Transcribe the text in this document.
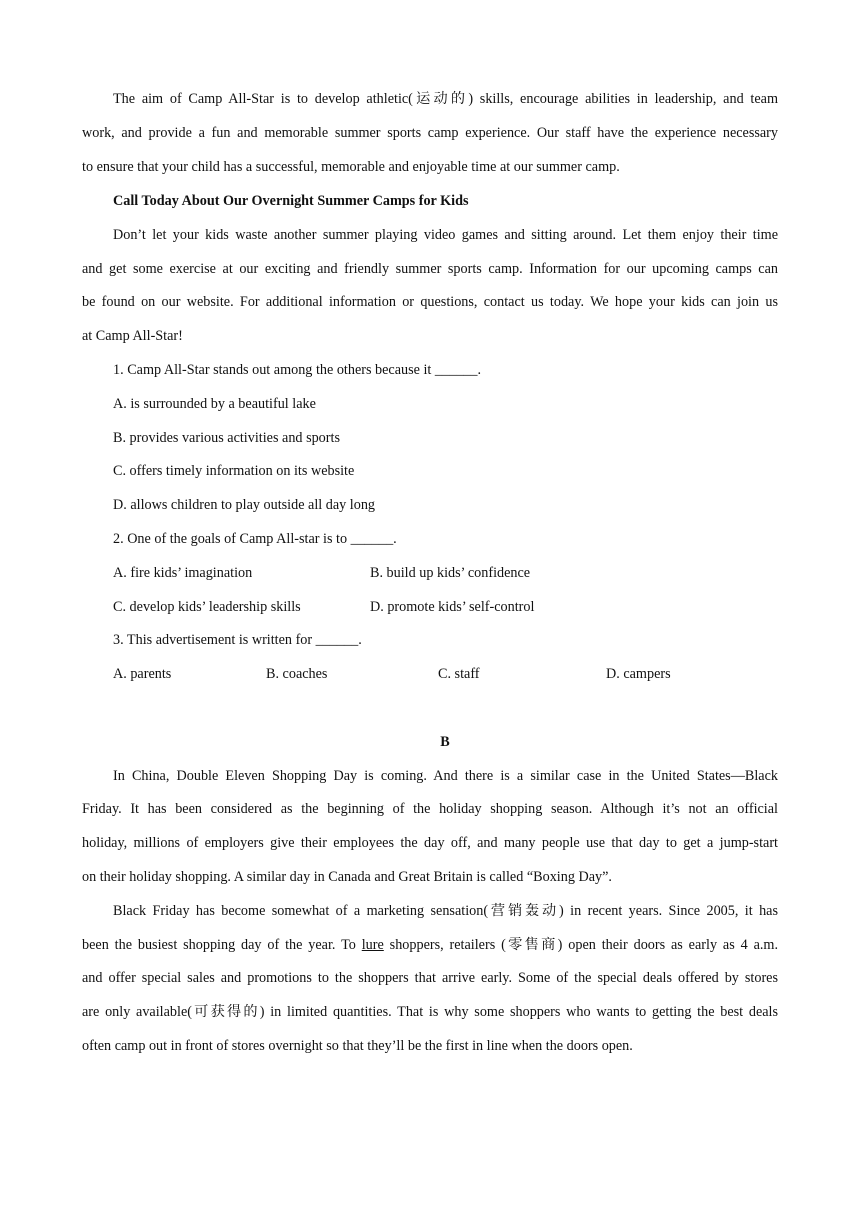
The aim of Camp All-Star is to develop athletic(运动的) skills, encourage abilities in leadership, and team
work, and provide a fun and memorable summer sports camp experience. Our staff have the experience necessary
to ensure that your child has a successful, memorable and enjoyable time at our summer camp.
Call Today About Our Overnight Summer Camps for Kids
Don’t let your kids waste another summer playing video games and sitting around. Let them enjoy their time
and get some exercise at our exciting and friendly summer sports camp. Information for our upcoming camps can
be found on our website. For additional information or questions, contact us today. We hope your kids can join us
at Camp All-Star!
1. Camp All-Star stands out among the others because it ______.
A. is surrounded by a beautiful lake
B. provides various activities and sports
C. offers timely information on its website
D. allows children to play outside all day long
2. One of the goals of Camp All-star is to ______.
A. fire kids’ imagination	B. build up kids’ confidence
C. develop kids’ leadership skills	D. promote kids’ self-control
3. This advertisement is written for ______.
A. parents	B. coaches	C. staff	D. campers
B
In China, Double Eleven Shopping Day is coming. And there is a similar case in the United States—Black
Friday. It has been considered as the beginning of the holiday shopping season. Although it’s not an official
holiday, millions of employers give their employees the day off, and many people use that day to get a jump-start
on their holiday shopping. A similar day in Canada and Great Britain is called “Boxing Day”.
Black Friday has become somewhat of a marketing sensation(营销轰动) in recent years. Since 2005, it has
been the busiest shopping day of the year. To lure shoppers, retailers (零售商) open their doors as early as 4 a.m.
and offer special sales and promotions to the shoppers that arrive early. Some of the special deals offered by stores
are only available(可获得的) in limited quantities. That is why some shoppers who wants to getting the best deals
often camp out in front of stores overnight so that they’ll be the first in line when the doors open.
